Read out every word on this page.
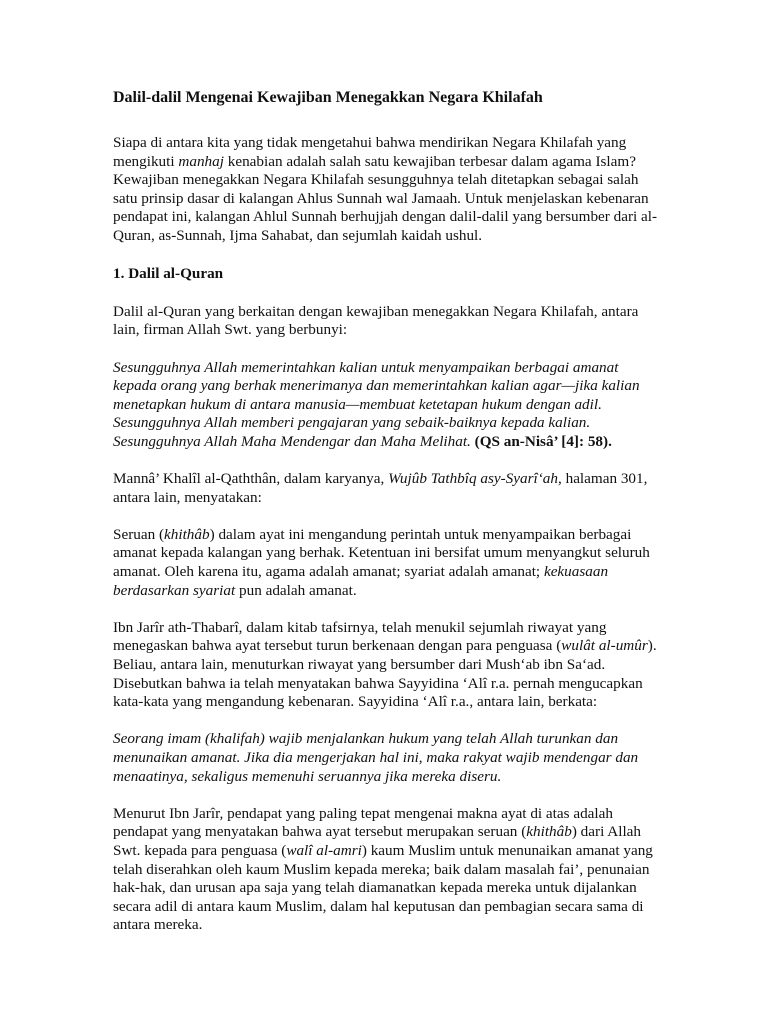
Dalil-dalil Mengenai Kewajiban Menegakkan Negara Khilafah

Siapa di antara kita yang tidak mengetahui bahwa mendirikan Negara Khilafah yang mengikuti manhaj kenabian adalah salah satu kewajiban terbesar dalam agama Islam? Kewajiban menegakkan Negara Khilafah sesungguhnya telah ditetapkan sebagai salah satu prinsip dasar di kalangan Ahlus Sunnah wal Jamaah. Untuk menjelaskan kebenaran pendapat ini, kalangan Ahlul Sunnah berhujjah dengan dalil-dalil yang bersumber dari al-Quran, as-Sunnah, Ijma Sahabat, dan sejumlah kaidah ushul.

1. Dalil al-Quran

Dalil al-Quran yang berkaitan dengan kewajiban menegakkan Negara Khilafah, antara lain, firman Allah Swt. yang berbunyi:

Sesungguhnya Allah memerintahkan kalian untuk menyampaikan berbagai amanat kepada orang yang berhak menerimanya dan memerintahkan kalian agar—jika kalian menetapkan hukum di antara manusia—membuat ketetapan hukum dengan adil. Sesungguhnya Allah memberi pengajaran yang sebaik-baiknya kepada kalian. Sesungguhnya Allah Maha Mendengar dan Maha Melihat. (QS an-Nisâ’ [4]: 58).

Mannâ’ Khalîl al-Qaththân, dalam karyanya, Wujûb Tathbîq asy-Syarî‘ah, halaman 301, antara lain, menyatakan:

Seruan (khithâb) dalam ayat ini mengandung perintah untuk menyampaikan berbagai amanat kepada kalangan yang berhak. Ketentuan ini bersifat umum menyangkut seluruh amanat. Oleh karena itu, agama adalah amanat; syariat adalah amanat; kekuasaan berdasarkan syariat pun adalah amanat.

Ibn Jarîr ath-Thabarî, dalam kitab tafsirnya, telah menukil sejumlah riwayat yang menegaskan bahwa ayat tersebut turun berkenaan dengan para penguasa (wulât al-umûr). Beliau, antara lain, menuturkan riwayat yang bersumber dari Mush‘ab ibn Sa‘ad. Disebutkan bahwa ia telah menyatakan bahwa Sayyidina ‘Alî r.a. pernah mengucapkan kata-kata yang mengandung kebenaran. Sayyidina ‘Alî r.a., antara lain, berkata:

Seorang imam (khalifah) wajib menjalankan hukum yang telah Allah turunkan dan menunaikan amanat. Jika dia mengerjakan hal ini, maka rakyat wajib mendengar dan menaatinya, sekaligus memenuhi seruannya jika mereka diseru.

Menurut Ibn Jarîr, pendapat yang paling tepat mengenai makna ayat di atas adalah pendapat yang menyatakan bahwa ayat tersebut merupakan seruan (khithâb) dari Allah Swt. kepada para penguasa (walî al-amri) kaum Muslim untuk menunaikan amanat yang telah diserahkan oleh kaum Muslim kepada mereka; baik dalam masalah fai’, penunaian hak-hak, dan urusan apa saja yang telah diamanatkan kepada mereka untuk dijalankan secara adil di antara kaum Muslim, dalam hal keputusan dan pembagian secara sama di antara mereka.
